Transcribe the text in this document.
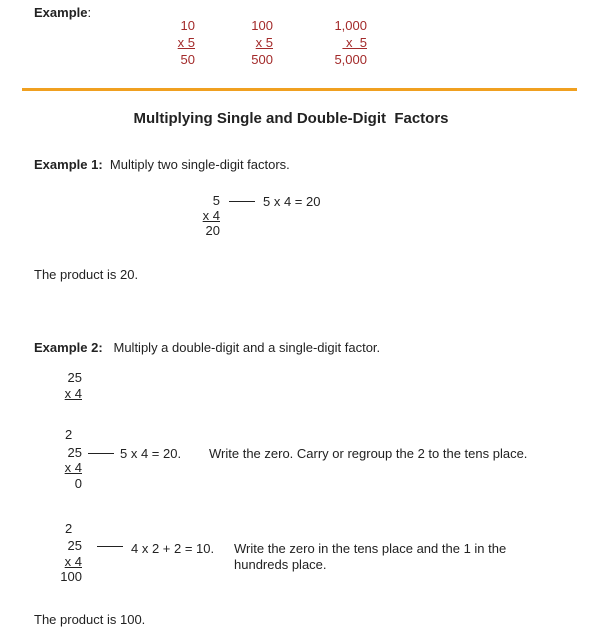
Example:
10
x 5
50
100
x 5
500
1,000
x  5
5,000
Multiplying Single and Double-Digit  Factors
Example 1: Multiply two single-digit factors.
5
x 4
20
5 x 4 = 20
The product is 20.
Example 2: Multiply a double-digit and a single-digit factor.
25
x 4
2
25
x 4
0
5 x 4 = 20. Write the zero. Carry or regroup the 2 to the tens place.
2
25
x 4
100
4 x 2 + 2 = 10. Write the zero in the tens place and the 1 in the
hundreds place.
The product is 100.
